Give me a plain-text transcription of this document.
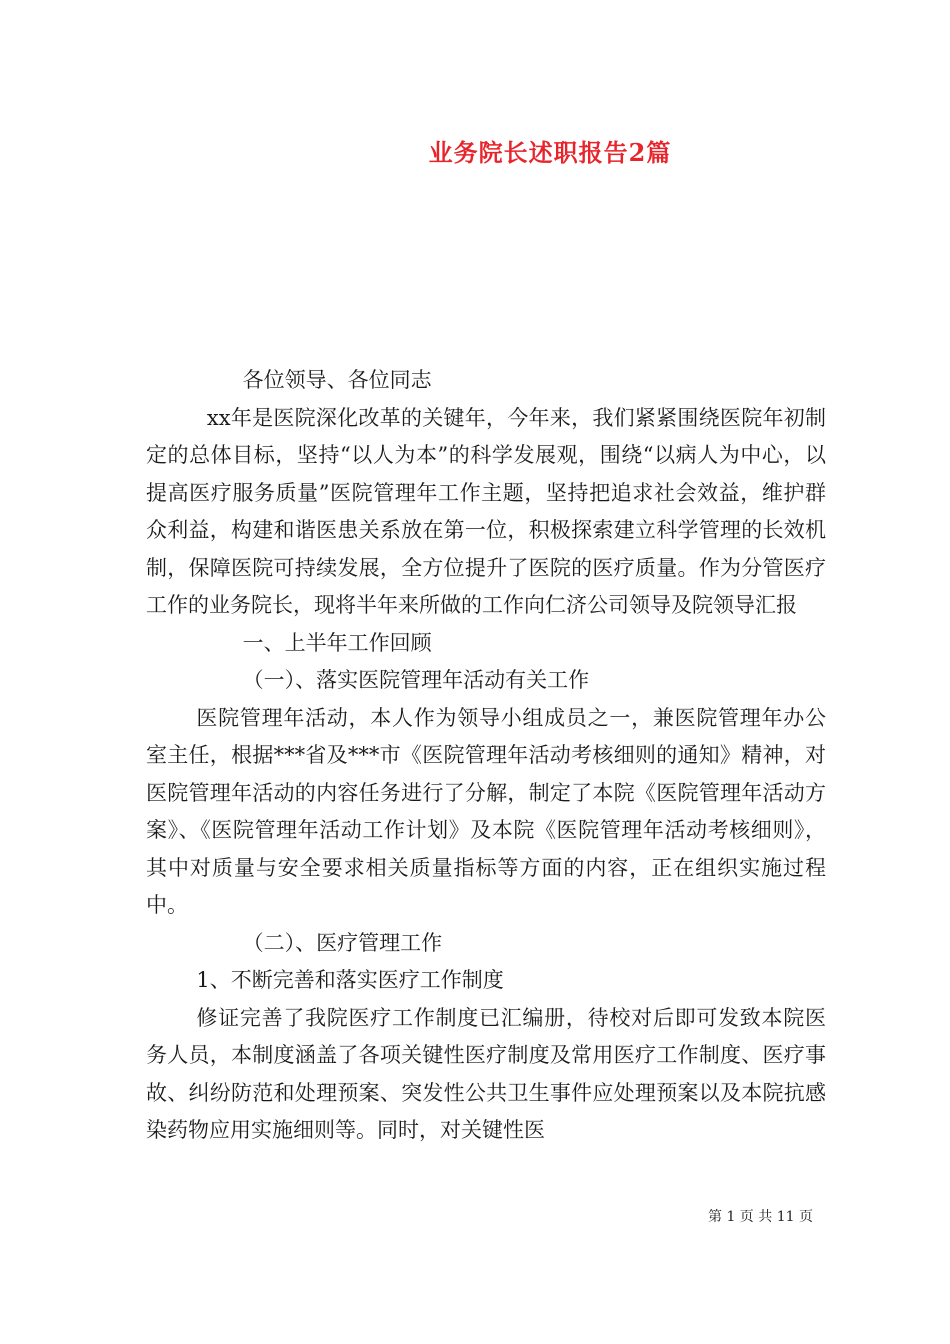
业务院长述职报告2篇

各位领导、各位同志

xx年是医院深化改革的关键年，今年来，我们紧紧围绕医院年初制定的总体目标，坚持“以人为本”的科学发展观，围绕“以病人为中心，以提高医疗服务质量”医院管理年工作主题，坚持把追求社会效益，维护群众利益，构建和谐医患关系放在第一位，积极探索建立科学管理的长效机制，保障医院可持续发展，全方位提升了医院的医疗质量。作为分管医疗工作的业务院长，现将半年来所做的工作向仁济公司领导及院领导汇报

一、上半年工作回顾

（一）、落实医院管理年活动有关工作

医院管理年活动，本人作为领导小组成员之一，兼医院管理年办公室主任，根据***省及***市《医院管理年活动考核细则的通知》精神，对医院管理年活动的内容任务进行了分解，制定了本院《医院管理年活动方案》、《医院管理年活动工作计划》及本院《医院管理年活动考核细则》，其中对质量与安全要求相关质量指标等方面的内容，正在组织实施过程中。

（二）、医疗管理工作

1、不断完善和落实医疗工作制度

修证完善了我院医疗工作制度已汇编册，待校对后即可发致本院医务人员，本制度涵盖了各项关键性医疗制度及常用医疗工作制度、医疗事故、纠纷防范和处理预案、突发性公共卫生事件应处理预案以及本院抗感染药物应用实施细则等。同时，对关键性医

第 1 页 共 11 页
